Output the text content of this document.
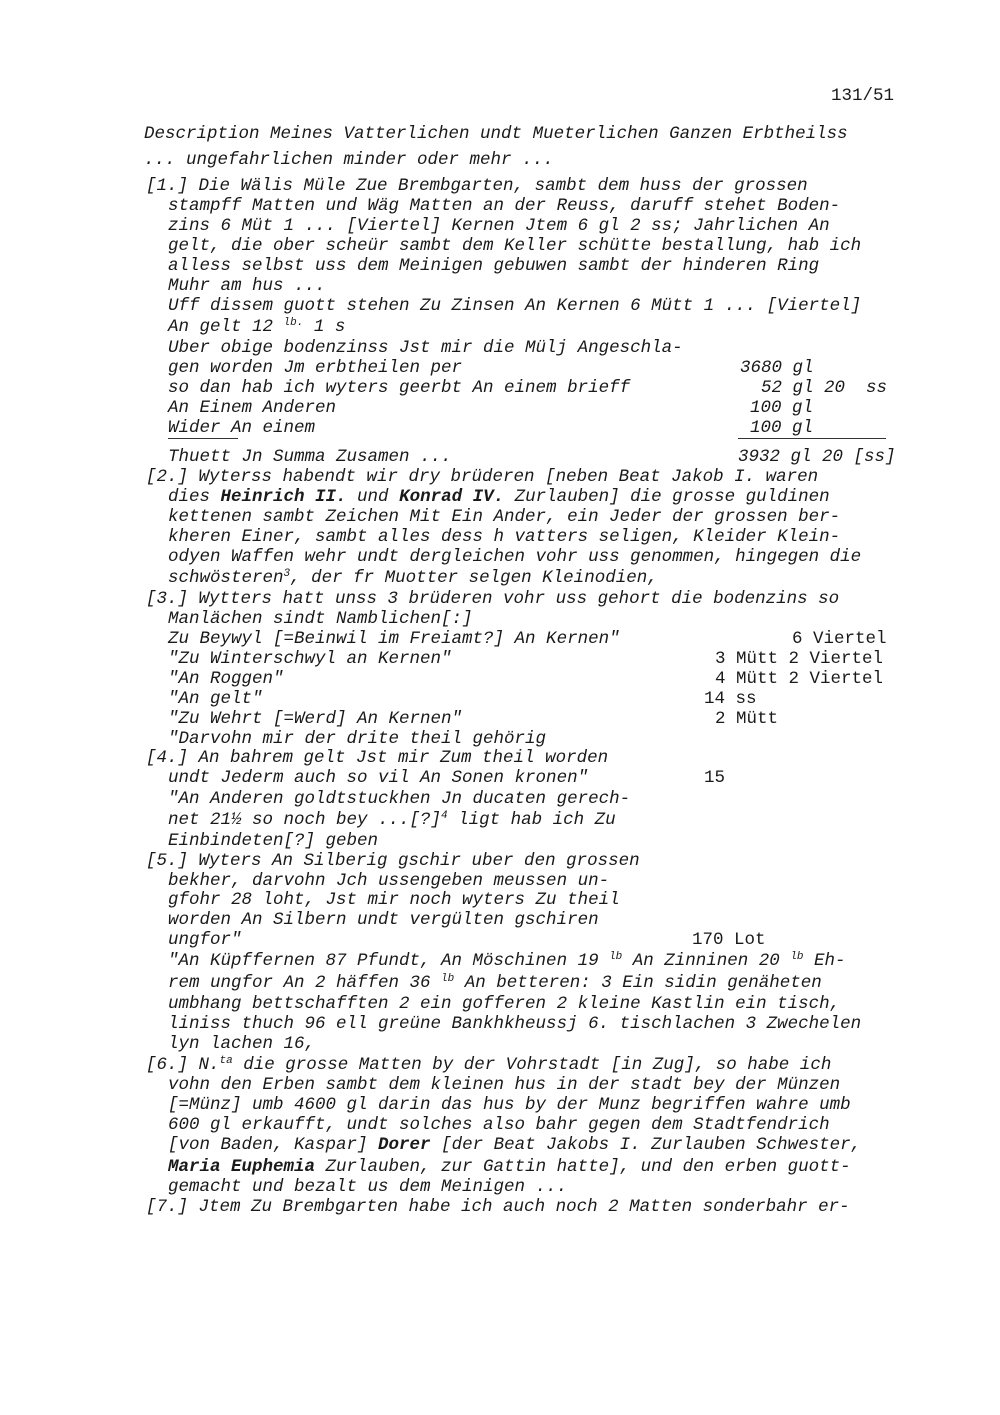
131/51
Description Meines Vatterlichen undt Mueterlichen Ganzen Erbtheilss
... ungefahrlichen minder oder mehr ...
[1.] Die Wälis Müle Zue Brembgarten, sambt dem huss der grossen
stampff Matten und Wäg Matten an der Reuss, daruff stehet Boden-
zins 6 Müt 1 ... [Viertel] Kernen Jtem 6 gl 2 ss; Jahrlichen An
gelt, die ober scheür sambt dem Keller schütte bestallung, hab ich
alless selbst uss dem Meinigen gebuwen sambt der hinderen Ring
Muhr am hus ...
Uff dissem guott stehen Zu Zinsen An Kernen 6 Mütt 1 ... [Viertel]
An gelt 12 $^{lb.}$ 1 s
Uber obige bodenzinss Jst mir die Mülj Angeschla-
gen worden Jm erbtheilen per	3680 gl
so dan hab ich wyters geerbt An einem brieff	52 gl 20  ss
An Einem Anderen	100 gl
Wider An einem	100 gl
Thuett Jn Summa Zusamen ...	3932 gl 20 [ss]
[2.] Wyterss habendt wir dry brüderen [neben Beat Jakob I. waren
dies Heinrich II. und Konrad IV. Zurlauben] die grosse guldinen
kettenen sambt Zeichen Mit Ein Ander, ein Jeder der grossen ber-
kheren Einer, sambt alles dess h vatters seligen, Kleider Klein-
odyen Waffen wehr undt dergleichen vohr uss genommen, hingegen die
schwösteren$^3$, der fr Muotter selgen Kleinodien,
[3.] Wytters hatt unss 3 brüderen vohr uss gehort die bodenzins so
Manlächen sindt Namblichen[:]
Zu Beywyl [=Beinwil im Freiamt?] An Kernen"	6 Viertel
"Zu Winterschwyl an Kernen"	3 Mütt 2 Viertel
"An Roggen"	4 Mütt 2 Viertel
"An gelt"	14 ss
"Zu Wehrt [=Werd] An Kernen"	2 Mütt
"Darvohn mir der drite theil gehörig
[4.] An bahrem gelt Jst mir Zum theil worden
undt Jederm auch so vil An Sonen kronen"	15
"An Anderen goldtstuckhen Jn ducaten gerech-
net 21½ so noch bey ...[?]$^4$ ligt hab ich Zu
Einbindeten[?] geben
[5.] Wyters An Silberig gschir uber den grossen
bekher, darvohn Jch ussengeben meussen un-
gfohr 28 loht, Jst mir noch wyters Zu theil
worden An Silbern undt vergülten gschiren
ungfor"	170 Lot
"An Küpffernen 87 Pfundt, An Möschinen 19 $^{lb}$ An Zinninen 20 $^{lb}$ Eh-
rem ungfor An 2 häffen 36 $^{lb}$ An betteren: 3 Ein sidin genäheten
umbhang bettschafften 2 ein gofferen 2 kleine Kastlin ein tisch,
liniss thuch 96 ell greüne Bankhkheussj 6. tischlachen 3 Zwechelen
lyn lachen 16,
[6.] N.$^{ta}$ die grosse Matten by der Vohrstadt [in Zug], so habe ich
vohn den Erben sambt dem kleinen hus in der stadt bey der Münzen
[=Münz] umb 4600 gl darin das hus by der Munz begriffen wahre umb
600 gl erkaufft, undt solches also bahr gegen dem Stadtfendrich
[von Baden, Kaspar] Dorer [der Beat Jakobs I. Zurlauben Schwester,
Maria Euphemia Zurlauben, zur Gattin hatte], und den erben guott-
gemacht und bezalt us dem Meinigen ...
[7.] Jtem Zu Brembgarten habe ich auch noch 2 Matten sonderbahr er-
